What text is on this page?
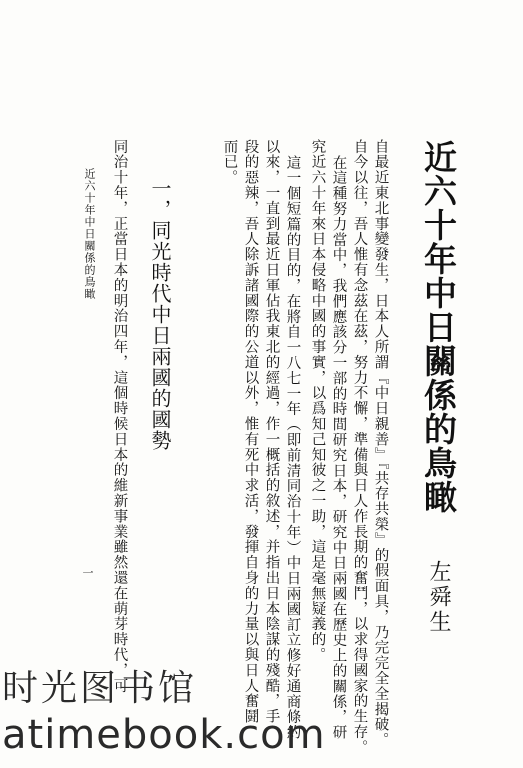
近六十年中日關係的鳥瞰
一
近六十年中日關係的鳥瞰
左舜生
自最近東北事變發生，日本人所謂『中日親善』『共存共榮』的假面具，乃完完全全揭破。
自今以往，吾人惟有念茲在茲，努力不懈，準備與日人作長期的奮鬥，以求得國家的生存。
在這種努力當中，我們應該分一部的時間研究日本，研究中日兩國在歷史上的關係，研
究近六十年來日本侵略中國的事實，以爲知己知彼之一助，這是毫無疑義的。
這一個短篇的目的，在將自一八七一年（即前清同治十年）中日兩國訂立修好通商條約
以來，一直到最近日軍佔我東北的經過，作一概括的敘述，并指出日本陰謀的殘酷，手
段的惡辣，吾人除訴諸國際的公道以外，惟有死中求活，發揮自身的力量以與日人奮鬪
而已。
一，同光時代中日兩國的國勢
同治十年，正當日本的明治四年，這個時候日本的維新事業雖然還在萌芽時代，可
时光图书馆
atimebook.com
